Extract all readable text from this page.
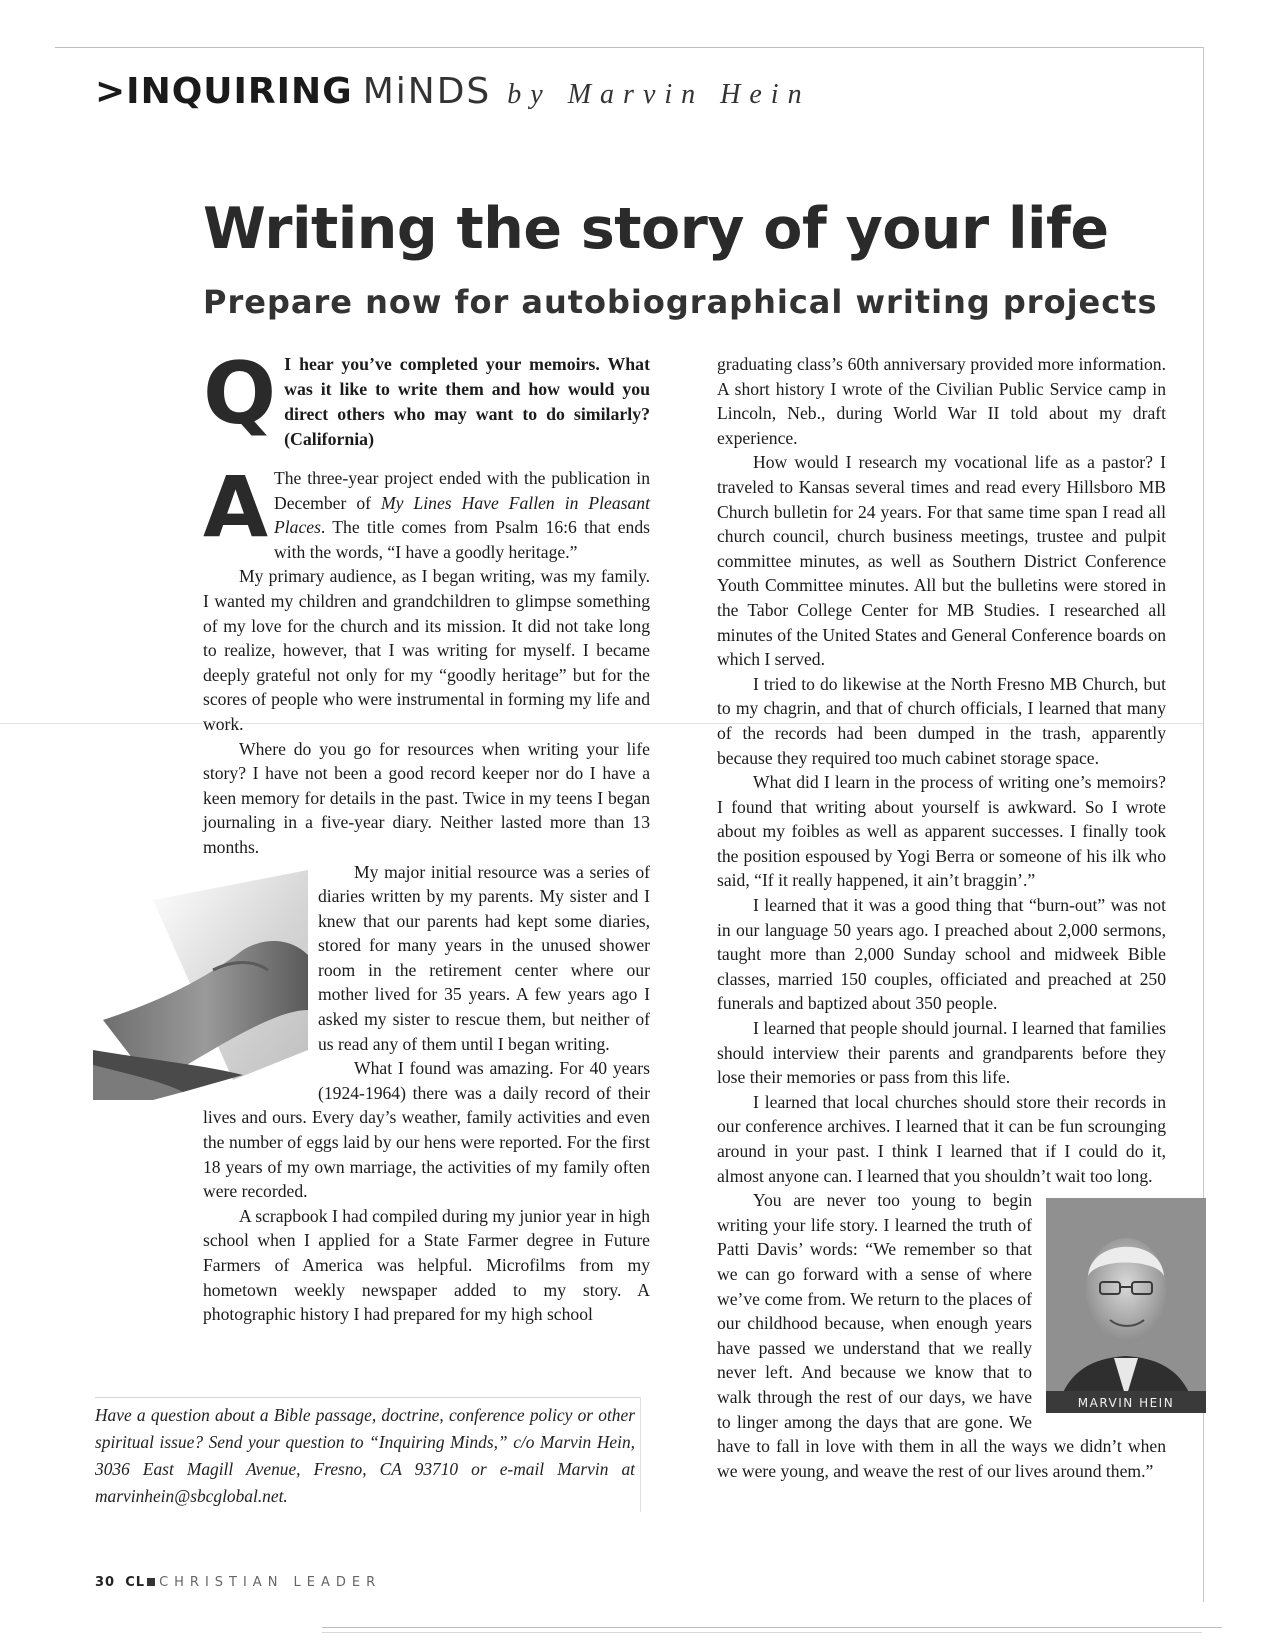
>INQUIRING MiNDS by Marvin Hein
Writing the story of your life
Prepare now for autobiographical writing projects
Q I hear you’ve completed your memoirs. What was it like to write them and how would you direct others who may want to do similarly? (California)

A The three-year project ended with the publication in December of My Lines Have Fallen in Pleasant Places. The title comes from Psalm 16:6 that ends with the words, “I have a goodly heritage.”

My primary audience, as I began writing, was my family. I wanted my children and grandchildren to glimpse something of my love for the church and its mission. It did not take long to realize, however, that I was writing for myself. I became deeply grateful not only for my “goodly heritage” but for the scores of people who were instrumental in forming my life and work.

Where do you go for resources when writing your life story? I have not been a good record keeper nor do I have a keen memory for details in the past. Twice in my teens I began journaling in a five-year diary. Neither lasted more than 13 months.

My major initial resource was a series of diaries written by my parents. My sister and I knew that our parents had kept some diaries, stored for many years in the unused shower room in the retirement center where our mother lived for 35 years. A few years ago I asked my sister to rescue them, but neither of us read any of them until I began writing.

What I found was amazing. For 40 years (1924-1964) there was a daily record of their lives and ours. Every day’s weather, family activities and even the number of eggs laid by our hens were reported. For the first 18 years of my own marriage, the activities of my family often were recorded.

A scrapbook I had compiled during my junior year in high school when I applied for a State Farmer degree in Future Farmers of America was helpful. Microfilms from my hometown weekly newspaper added to my story. A photographic history I had prepared for my high school

graduating class’s 60th anniversary provided more information. A short history I wrote of the Civilian Public Service camp in Lincoln, Neb., during World War II told about my draft experience.

How would I research my vocational life as a pastor? I traveled to Kansas several times and read every Hillsboro MB Church bulletin for 24 years. For that same time span I read all church council, church business meetings, trustee and pulpit committee minutes, as well as Southern District Conference Youth Committee minutes. All but the bulletins were stored in the Tabor College Center for MB Studies. I researched all minutes of the United States and General Conference boards on which I served.

I tried to do likewise at the North Fresno MB Church, but to my chagrin, and that of church officials, I learned that many of the records had been dumped in the trash, apparently because they required too much cabinet storage space.

What did I learn in the process of writing one’s memoirs? I found that writing about yourself is awkward. So I wrote about my foibles as well as apparent successes. I finally took the position espoused by Yogi Berra or someone of his ilk who said, “If it really happened, it ain’t braggin’.”

I learned that it was a good thing that “burn-out” was not in our language 50 years ago. I preached about 2,000 sermons, taught more than 2,000 Sunday school and midweek Bible classes, married 150 couples, officiated and preached at 250 funerals and baptized about 350 people.

I learned that people should journal. I learned that families should interview their parents and grandparents before they lose their memories or pass from this life.

I learned that local churches should store their records in our conference archives. I learned that it can be fun scrounging around in your past. I think I learned that if I could do it, almost anyone can. I learned that you shouldn’t wait too long.

MARVIN HEIN
You are never too young to begin writing your life story. I learned the truth of Patti Davis’ words: “We remember so that we can go forward with a sense of where we’ve come from. We return to the places of our childhood because, when enough years have passed we understand that we really never left. And because we know that to walk through the rest of our days, we have to linger among the days that are gone. We have to fall in love with them in all the ways we didn’t when we were young, and weave the rest of our lives around them.”

Have a question about a Bible passage, doctrine, conference policy or other spiritual issue? Send your question to “Inquiring Minds,” c/o Marvin Hein, 3036 East Magill Avenue, Fresno, CA 93710 or e-mail Marvin at marvinhein@sbcglobal.net.
30 CL CHRISTIAN LEADER
